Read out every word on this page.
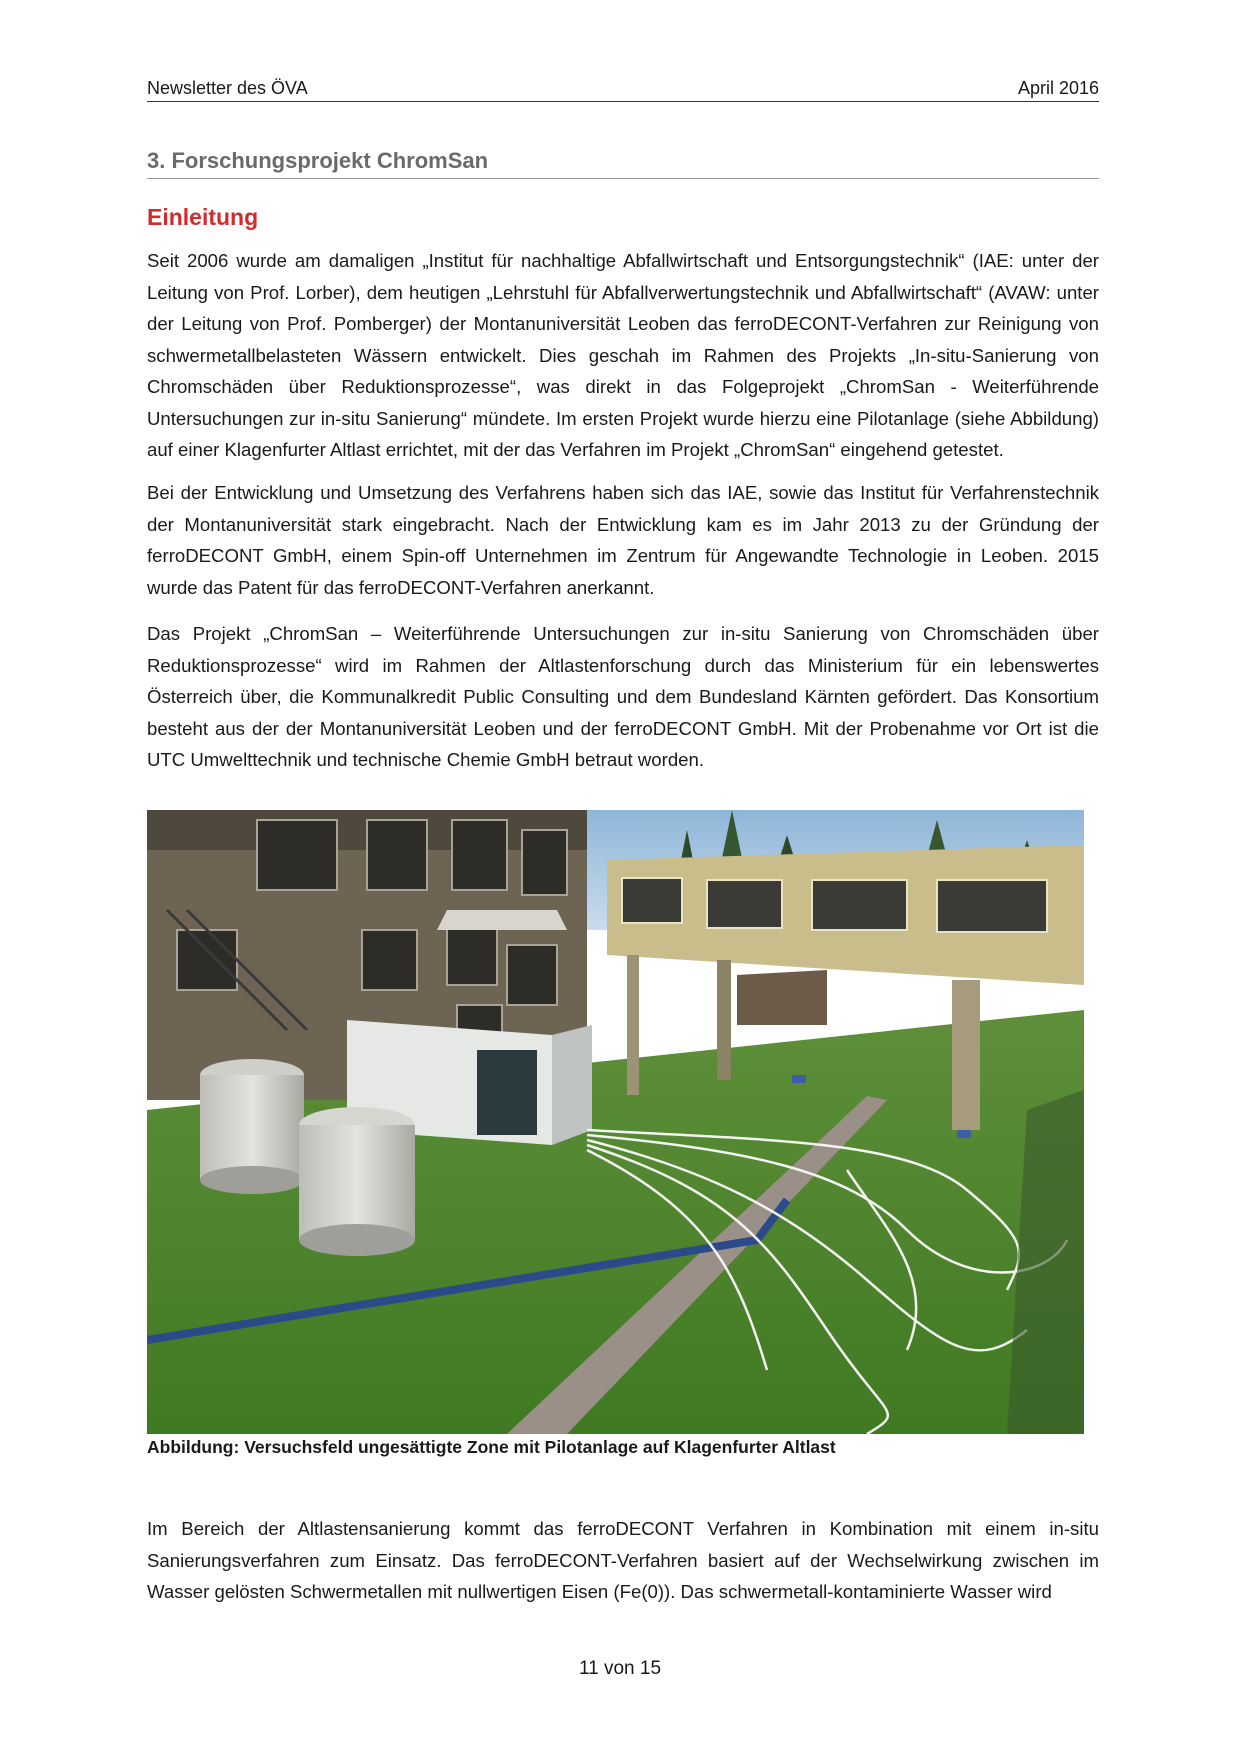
Newsletter des ÖVA	April 2016
3. Forschungsprojekt ChromSan
Einleitung

Seit 2006 wurde am damaligen „Institut für nachhaltige Abfallwirtschaft und Entsorgungstechnik“ (IAE: unter der Leitung von Prof. Lorber), dem heutigen „Lehrstuhl für Abfallverwertungstechnik und Abfallwirtschaft“ (AVAW: unter der Leitung von Prof. Pomberger) der Montanuniversität Leoben das ferroDECONT-Verfahren zur Reinigung von schwermetallbelasteten Wässern entwickelt. Dies geschah im Rahmen des Projekts „In-situ-Sanierung von Chromschäden über Reduktionsprozesse“, was direkt in das Folgeprojekt „ChromSan - Weiterführende Untersuchungen zur in-situ Sanierung“ mündete. Im ersten Projekt wurde hierzu eine Pilotanlage (siehe Abbildung) auf einer Klagenfurter Altlast errichtet, mit der das Verfahren im Projekt „ChromSan“ eingehend getestet.

Bei der Entwicklung und Umsetzung des Verfahrens haben sich das IAE, sowie das Institut für Verfahrenstechnik der Montanuniversität stark eingebracht. Nach der Entwicklung kam es im Jahr 2013 zu der Gründung der ferroDECONT GmbH, einem Spin-off Unternehmen im Zentrum für Angewandte Technologie in Leoben. 2015 wurde das Patent für das ferroDECONT-Verfahren anerkannt.

Das Projekt „ChromSan – Weiterführende Untersuchungen zur in-situ Sanierung von Chromschäden über Reduktionsprozesse“ wird im Rahmen der Altlastenforschung durch das Ministerium für ein lebenswertes Österreich über, die Kommunalkredit Public Consulting und dem Bundesland Kärnten gefördert. Das Konsortium besteht aus der der Montanuniversität Leoben und der ferroDECONT GmbH. Mit der Probenahme vor Ort ist die UTC Umwelttechnik und technische Chemie GmbH betraut worden.

Abbildung: Versuchsfeld ungesättigte Zone mit Pilotanlage auf Klagenfurter Altlast

Im Bereich der Altlastensanierung kommt das ferroDECONT Verfahren in Kombination mit einem in-situ Sanierungsverfahren zum Einsatz. Das ferroDECONT-Verfahren basiert auf der Wechselwirkung zwischen im Wasser gelösten Schwermetallen mit nullwertigen Eisen (Fe(0)). Das schwermetall-kontaminierte Wasser wird

11 von 15
